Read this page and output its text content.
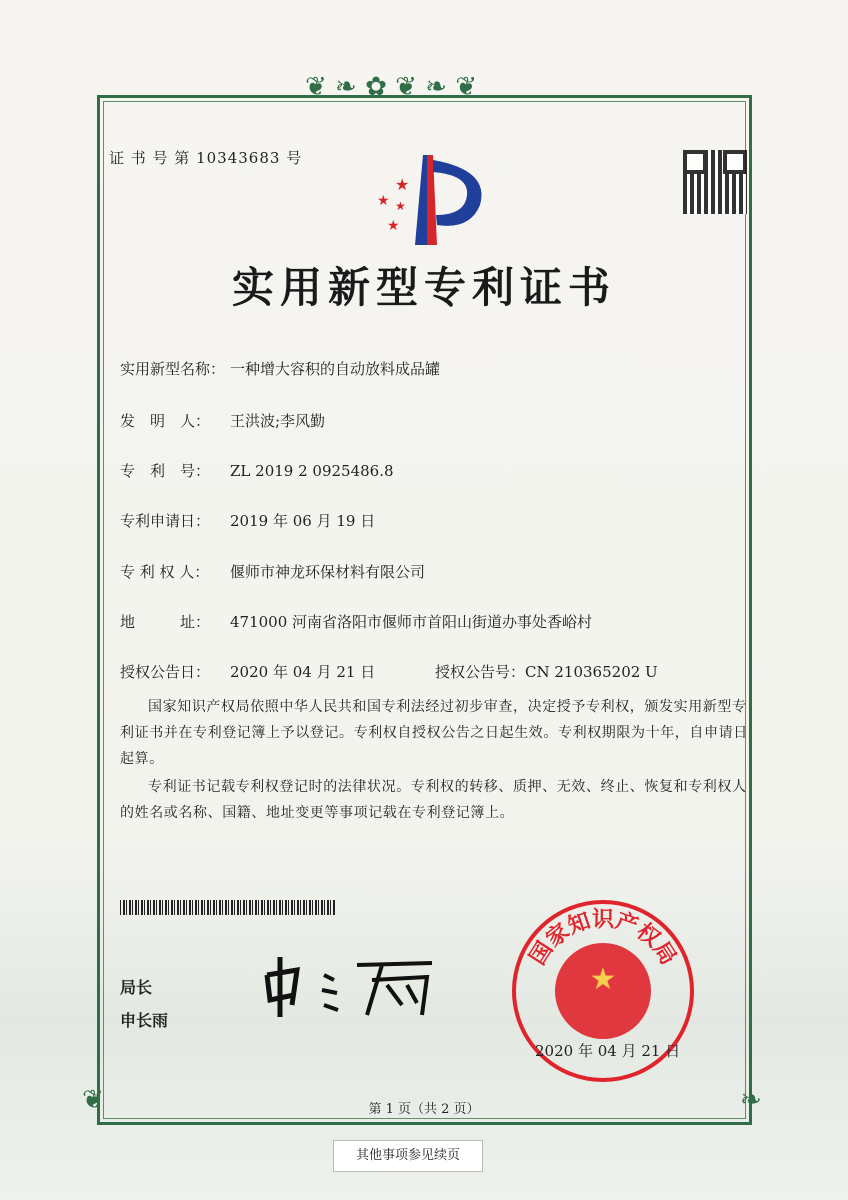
❦ ❧ ✿ ❦ ❧ ❦
❦	❧
证 书 号 第 10343683 号
★
★ ★
★
实用新型专利证书
实用新型名称： 一种增大容积的自动放料成品罐
发　明　人： 王洪波;李风勤
专　利　号： ZL 2019 2 0925486.8
专利申请日： 2019 年 06 月 19 日
专 利 权 人： 偃师市神龙环保材料有限公司
地　　　址： 471000 河南省洛阳市偃师市首阳山街道办事处香峪村
授权公告日： 2020 年 04 月 21 日	授权公告号：CN 210365202 U
国家知识产权局依照中华人民共和国专利法经过初步审查，决定授予专利权，颁发实用新型专利证书并在专利登记簿上予以登记。专利权自授权公告之日起生效。专利权期限为十年，自申请日起算。
专利证书记载专利权登记时的法律状况。专利权的转移、质押、无效、终止、恢复和专利权人的姓名或名称、国籍、地址变更等事项记载在专利登记簿上。
局长
申长雨
★
国家知识产权局
2020 年 04 月 21 日
第 1 页（共 2 页）
其他事项参见续页
